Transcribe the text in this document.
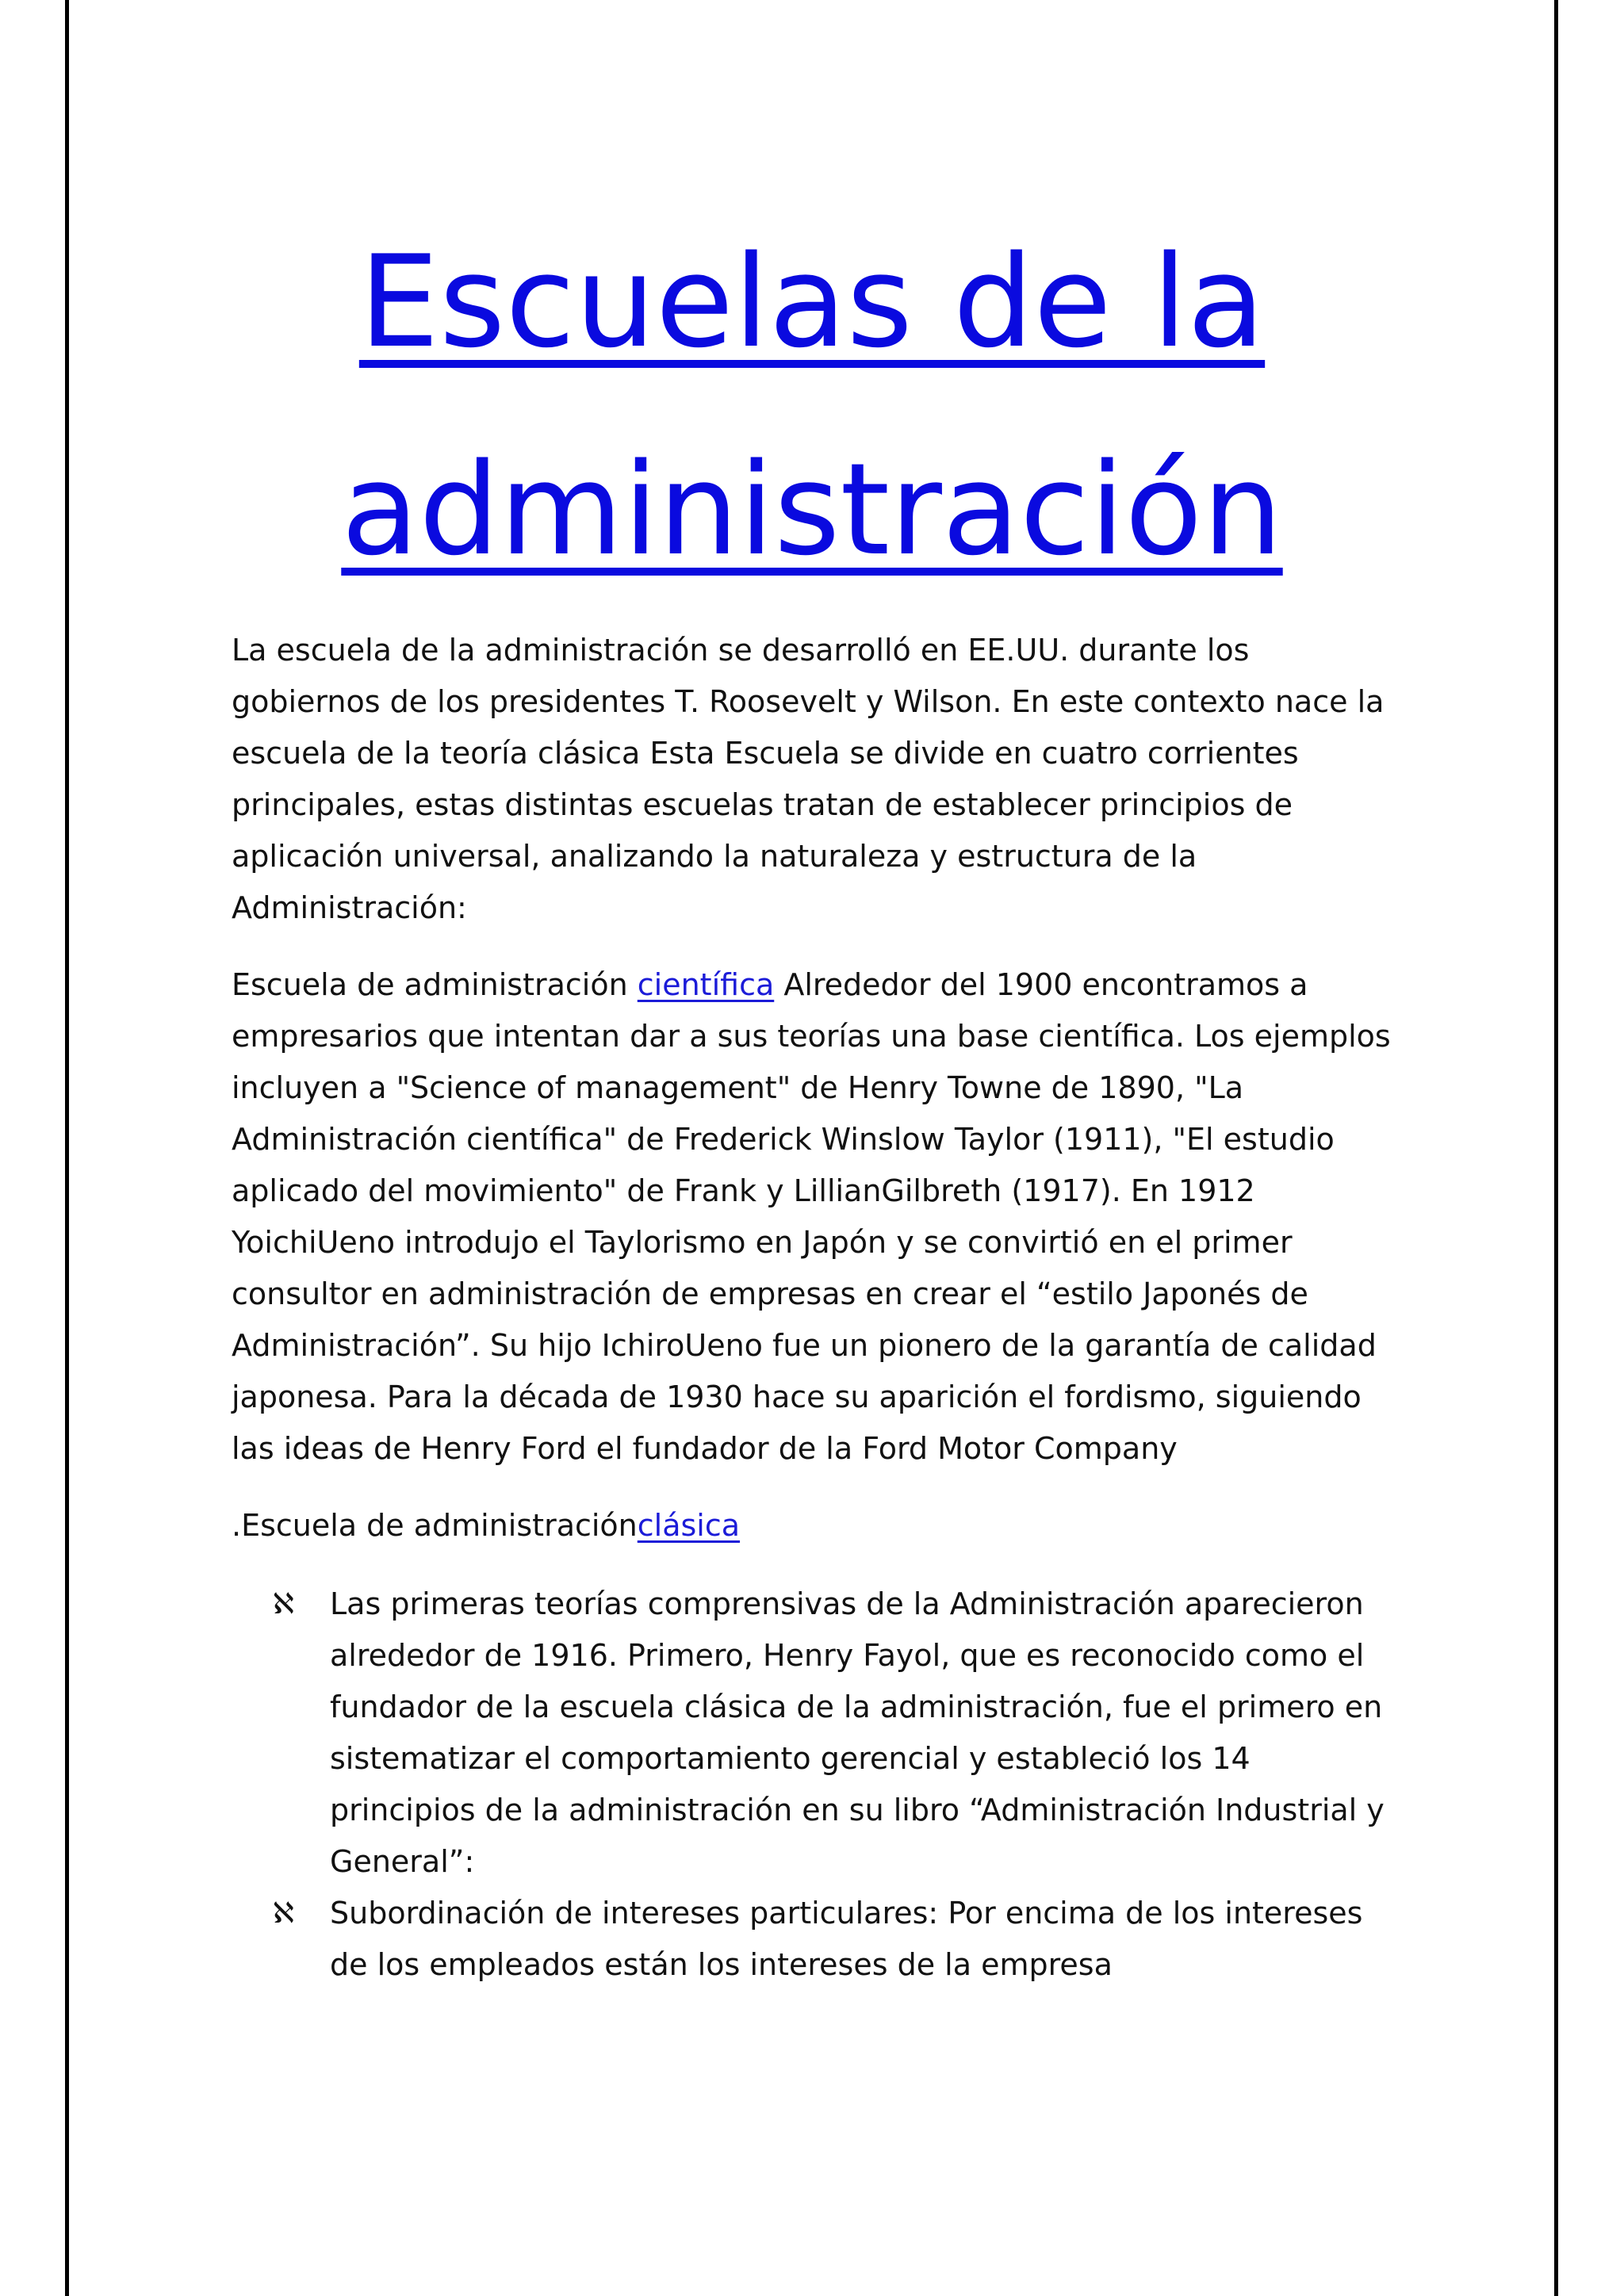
Escuelas de la administración

La escuela de la administración se desarrolló en EE.UU. durante los gobiernos de los presidentes T. Roosevelt y Wilson. En este contexto nace la escuela de la teoría clásica Esta Escuela se divide en cuatro corrientes principales, estas distintas escuelas tratan de establecer principios de aplicación universal, analizando la naturaleza y estructura de la Administración:

Escuela de administración científica Alrededor del 1900 encontramos a empresarios que intentan dar a sus teorías una base científica. Los ejemplos incluyen a "Science of management" de Henry Towne de 1890, "La Administración científica" de Frederick Winslow Taylor (1911), "El estudio aplicado del movimiento" de Frank y LillianGilbreth (1917). En 1912 YoichiUeno introdujo el Taylorismo en Japón y se convirtió en el primer consultor en administración de empresas en crear el “estilo Japonés de Administración”. Su hijo IchiroUeno fue un pionero de la garantía de calidad japonesa. Para la década de 1930 hace su aparición el fordismo, siguiendo las ideas de Henry Ford el fundador de la Ford Motor Company

.Escuela de administraciónclásica

ℵ Las primeras teorías comprensivas de la Administración aparecieron alrededor de 1916. Primero, Henry Fayol, que es reconocido como el fundador de la escuela clásica de la administración, fue el primero en sistematizar el comportamiento gerencial y estableció los 14 principios de la administración en su libro “Administración Industrial y General”:
ℵ Subordinación de intereses particulares: Por encima de los intereses de los empleados están los intereses de la empresa
